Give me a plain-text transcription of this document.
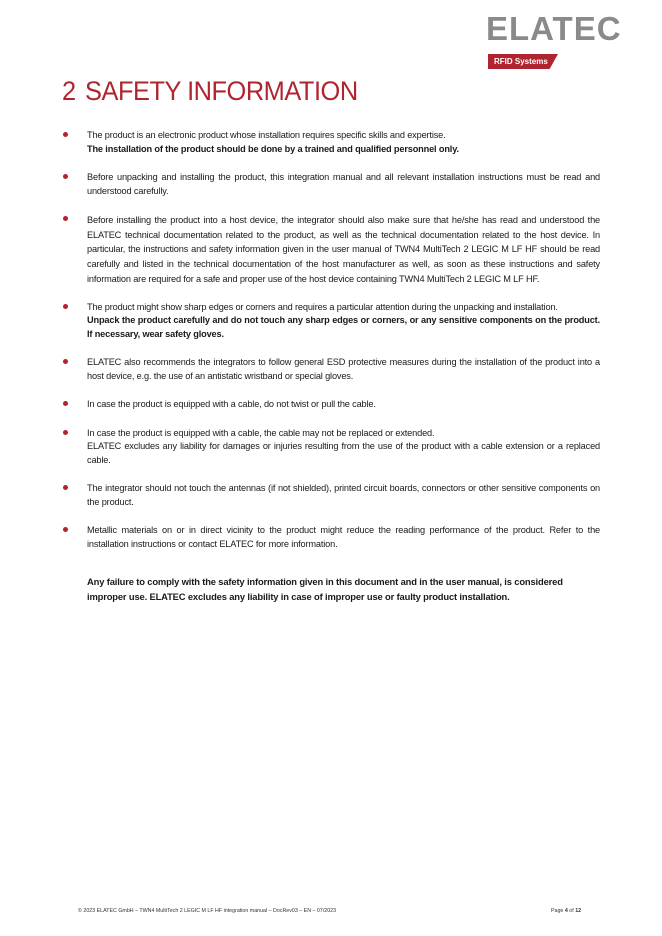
ELATEC
RFID Systems
2 SAFETY INFORMATION

The product is an electronic product whose installation requires specific skills and expertise.

The installation of the product should be done by a trained and qualified personnel only.

Before unpacking and installing the product, this integration manual and all relevant installation instructions must be read and understood carefully.

Before installing the product into a host device, the integrator should also make sure that he/she has read and understood the ELATEC technical documentation related to the product, as well as the technical documentation related to the host device. In particular, the instructions and safety information given in the user manual of TWN4 MultiTech 2 LEGIC M LF HF should be read carefully and listed in the technical documentation of the host manufacturer as well, as soon as these instructions and safety information are required for a safe and proper use of the host device containing TWN4 MultiTech 2 LEGIC M LF HF.

The product might show sharp edges or corners and requires a particular attention during the unpacking and installation.

Unpack the product carefully and do not touch any sharp edges or corners, or any sensitive components on the product. If necessary, wear safety gloves.

ELATEC also recommends the integrators to follow general ESD protective measures during the installation of the product into a host device, e.g. the use of an antistatic wristband or special gloves.

In case the product is equipped with a cable, do not twist or pull the cable.

In case the product is equipped with a cable, the cable may not be replaced or extended.

ELATEC excludes any liability for damages or injuries resulting from the use of the product with a cable extension or a replaced cable.

The integrator should not touch the antennas (if not shielded), printed circuit boards, connectors or other sensitive components on the product.

Metallic materials on or in direct vicinity to the product might reduce the reading performance of the product. Refer to the installation instructions or contact ELATEC for more information.

Any failure to comply with the safety information given in this document and in the user manual, is considered improper use. ELATEC excludes any liability in case of improper use or faulty product installation.

© 2023 ELATEC GmbH – TWN4 MultiTech 2 LEGIC M LF HF integration manual – DocRev03 – EN – 07/2023	Page 4 of 12
